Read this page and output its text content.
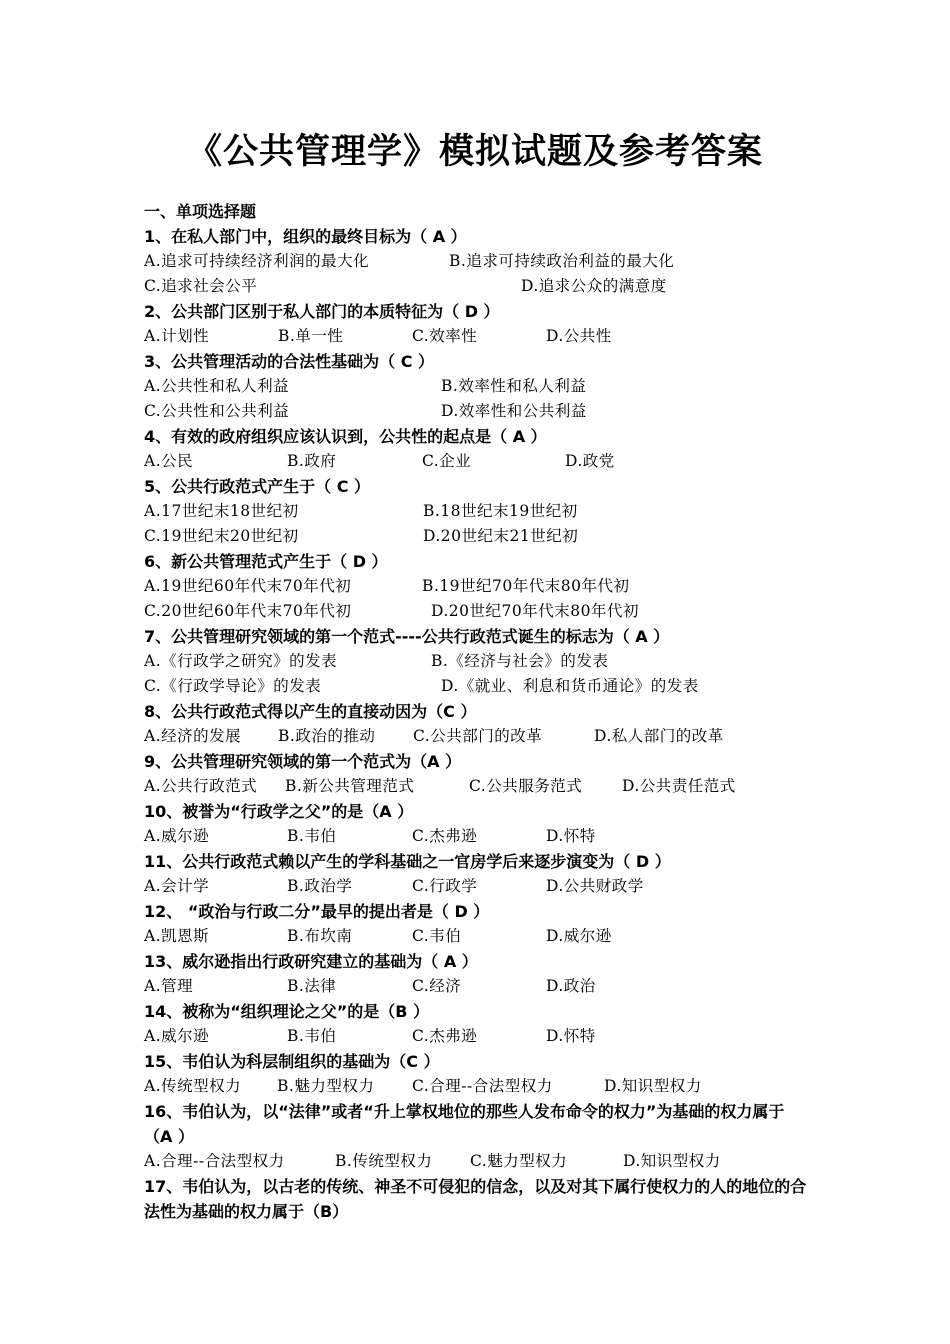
《公共管理学》模拟试题及参考答案
一、单项选择题
1、在私人部门中，组织的最终目标为（ A ）
A.追求可持续经济利润的最大化	B.追求可持续政治利益的最大化
C.追求社会公平	D.追求公众的满意度
2、公共部门区别于私人部门的本质特征为（ D ）
A.计划性	B.单一性	C.效率性	D.公共性
3、公共管理活动的合法性基础为（ C ）
A.公共性和私人利益	B.效率性和私人利益
C.公共性和公共利益	D.效率性和公共利益
4、有效的政府组织应该认识到，公共性的起点是（ A ）
A.公民	B.政府	C.企业	D.政党
5、公共行政范式产生于（ C ）
A.17世纪末18世纪初	B.18世纪末19世纪初
C.19世纪末20世纪初	D.20世纪末21世纪初
6、新公共管理范式产生于（ D ）
A.19世纪60年代末70年代初	B.19世纪70年代末80年代初
C.20世纪60年代末70年代初	D.20世纪70年代末80年代初
7、公共管理研究领域的第一个范式----公共行政范式诞生的标志为（ A ）
A.《行政学之研究》的发表	B.《经济与社会》的发表
C.《行政学导论》的发表	D.《就业、利息和货币通论》的发表
8、公共行政范式得以产生的直接动因为（C ）
A.经济的发展 B.政治的推动 C.公共部门的改革	D.私人部门的改革
9、公共管理研究领域的第一个范式为（A ）
A.公共行政范式 B.新公共管理范式	C.公共服务范式	D.公共责任范式
10、被誉为“行政学之父”的是（A ）
A.威尔逊	B.韦伯	C.杰弗逊	D.怀特
11、公共行政范式赖以产生的学科基础之一官房学后来逐步演变为（ D ）
A.会计学	B.政治学	C.行政学	D.公共财政学
12、 “政治与行政二分”最早的提出者是（ D ）
A.凯恩斯	B.布坎南	C.韦伯	D.威尔逊
13、威尔逊指出行政研究建立的基础为（ A ）
A.管理	B.法律	C.经济	D.政治
14、被称为“组织理论之父”的是（B ）
A.威尔逊	B.韦伯	C.杰弗逊	D.怀特
15、韦伯认为科层制组织的基础为（C ）
A.传统型权力 B.魅力型权力 C.合理--合法型权力	D.知识型权力
16、韦伯认为，以“法律”或者“升上掌权地位的那些人发布命令的权力”为基础的权力属于（A ）
A.合理--合法型权力	B.传统型权力 C.魅力型权力	D.知识型权力
17、韦伯认为，以古老的传统、神圣不可侵犯的信念，以及对其下属行使权力的人的地位的合法性为基础的权力属于（B）
